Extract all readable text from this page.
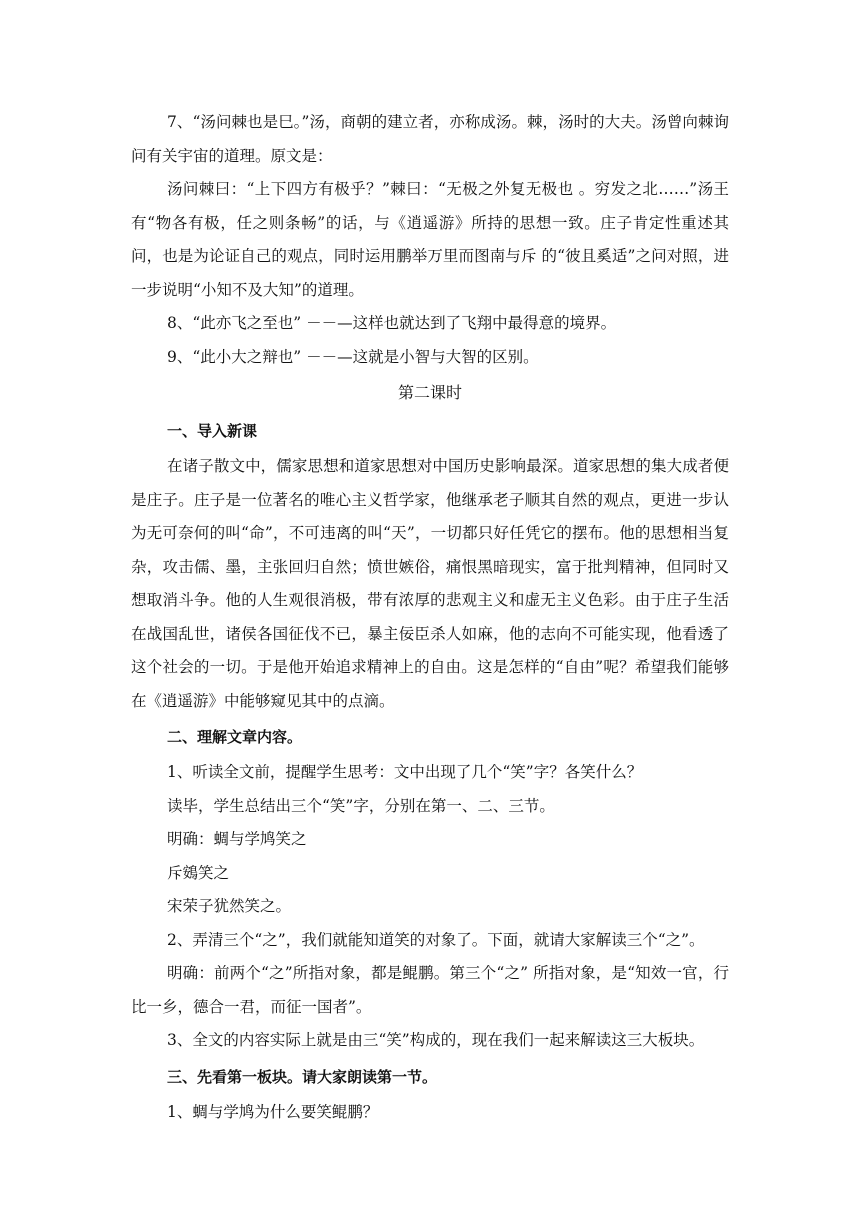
7、“汤问棘也是巳。”汤，商朝的建立者，亦称成汤。棘，汤时的大夫。汤曾向棘询问有关宇宙的道理。原文是：

汤问棘曰：“上下四方有极乎？”棘曰：“无极之外复无极也 。穷发之北……”汤王有“物各有极，任之则条畅”的话，与《逍遥游》所持的思想一致。庄子肯定性重述其问，也是为论证自己的观点，同时运用鹏举万里而图南与斥 的“彼且奚适”之问对照，进一步说明“小知不及大知”的道理。

8、“此亦飞之至也” －－—这样也就达到了飞翔中最得意的境界。

9、“此小大之辩也” －－—这就是小智与大智的区别。

第二课时

一、导入新课

在诸子散文中，儒家思想和道家思想对中国历史影响最深。道家思想的集大成者便是庄子。庄子是一位著名的唯心主义哲学家，他继承老子顺其自然的观点，更进一步认为无可奈何的叫“命”，不可违离的叫“天”，一切都只好任凭它的摆布。他的思想相当复杂，攻击儒、墨，主张回归自然；愤世嫉俗，痛恨黑暗现实，富于批判精神，但同时又想取消斗争。他的人生观很消极，带有浓厚的悲观主义和虚无主义色彩。由于庄子生活在战国乱世，诸侯各国征伐不已，暴主佞臣杀人如麻，他的志向不可能实现，他看透了这个社会的一切。于是他开始追求精神上的自由。这是怎样的“自由”呢？希望我们能够在《逍遥游》中能够窥见其中的点滴。

二、理解文章内容。

1、听读全文前，提醒学生思考：文中出现了几个“笑”字？各笑什么？

读毕，学生总结出三个“笑”字，分别在第一、二、三节。

明确：蜩与学鸠笑之

斥鴳笑之

宋荣子犹然笑之。

2、弄清三个“之”，我们就能知道笑的对象了。下面，就请大家解读三个“之”。

明确：前两个“之”所指对象，都是鲲鹏。第三个“之” 所指对象，是“知效一官，行比一乡，德合一君，而征一国者”。

3、全文的内容实际上就是由三“笑”构成的，现在我们一起来解读这三大板块。

三、先看第一板块。请大家朗读第一节。

1、蜩与学鸠为什么要笑鲲鹏？
